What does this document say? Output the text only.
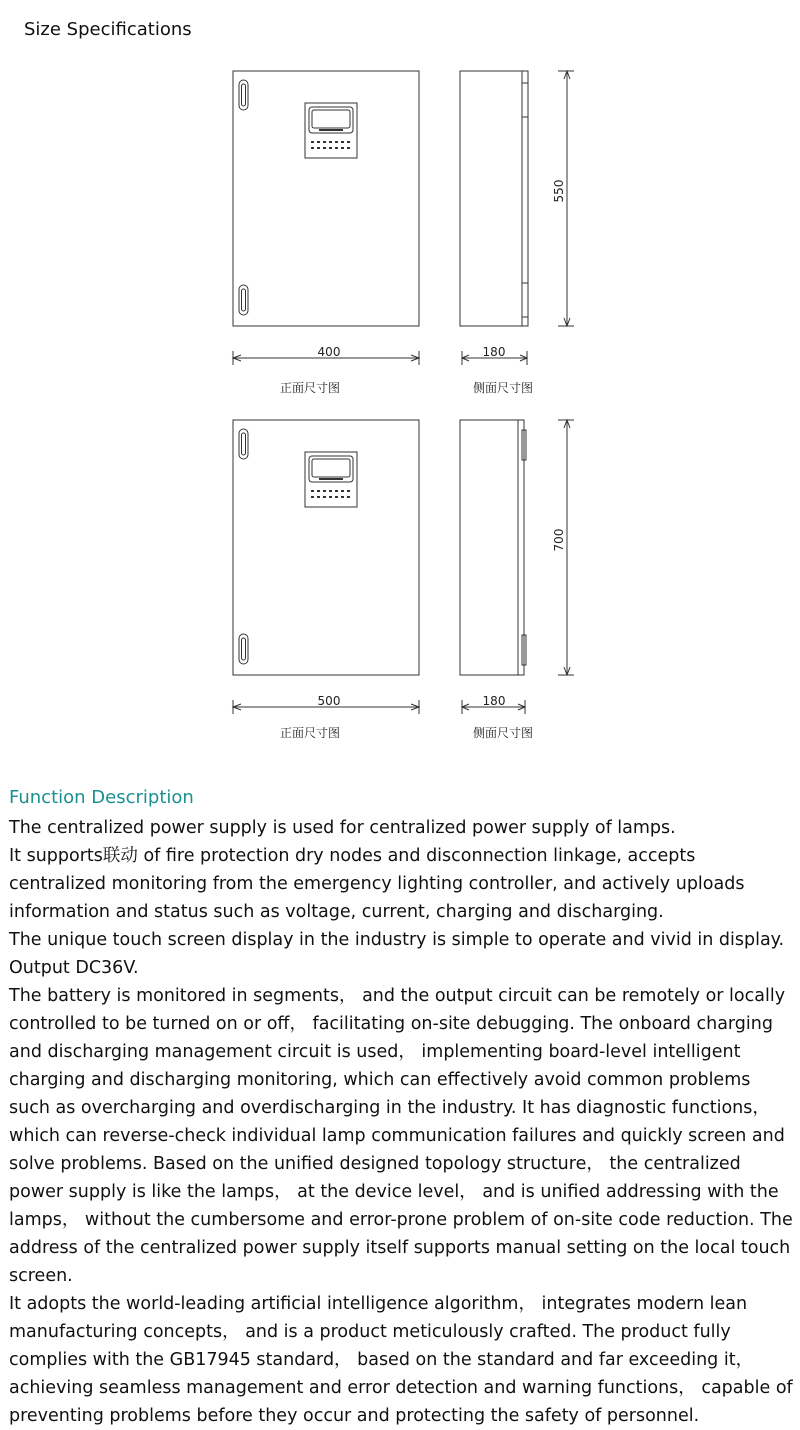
Size Specifications
550
400	180
正面尺寸图	侧面尺寸图
700
500	180
正面尺寸图	侧面尺寸图
Function Description

The centralized power supply is used for centralized power supply of lamps.

It supports联动 of fire protection dry nodes and disconnection linkage, accepts centralized monitoring from the emergency lighting controller, and actively uploads information and status such as voltage, current, charging and discharging.

The unique touch screen display in the industry is simple to operate and vivid in display.

Output DC36V.

The battery is monitored in segments， and the output circuit can be remotely or locally controlled to be turned on or off， facilitating on-site debugging. The onboard charging and discharging management circuit is used， implementing board-level intelligent charging and discharging monitoring, which can effectively avoid common problems such as overcharging and overdischarging in the industry. It has diagnostic functions， which can reverse-check individual lamp communication failures and quickly screen and solve problems. Based on the unified designed topology structure， the centralized power supply is like the lamps， at the device level， and is unified addressing with the lamps， without the cumbersome and error-prone problem of on-site code reduction. The address of the centralized power supply itself supports manual setting on the local touch screen.

It adopts the world-leading artificial intelligence algorithm， integrates modern lean manufacturing concepts， and is a product meticulously crafted. The product fully complies with the GB17945 standard， based on the standard and far exceeding it， achieving seamless management and error detection and warning functions， capable of preventing problems before they occur and protecting the safety of personnel.
